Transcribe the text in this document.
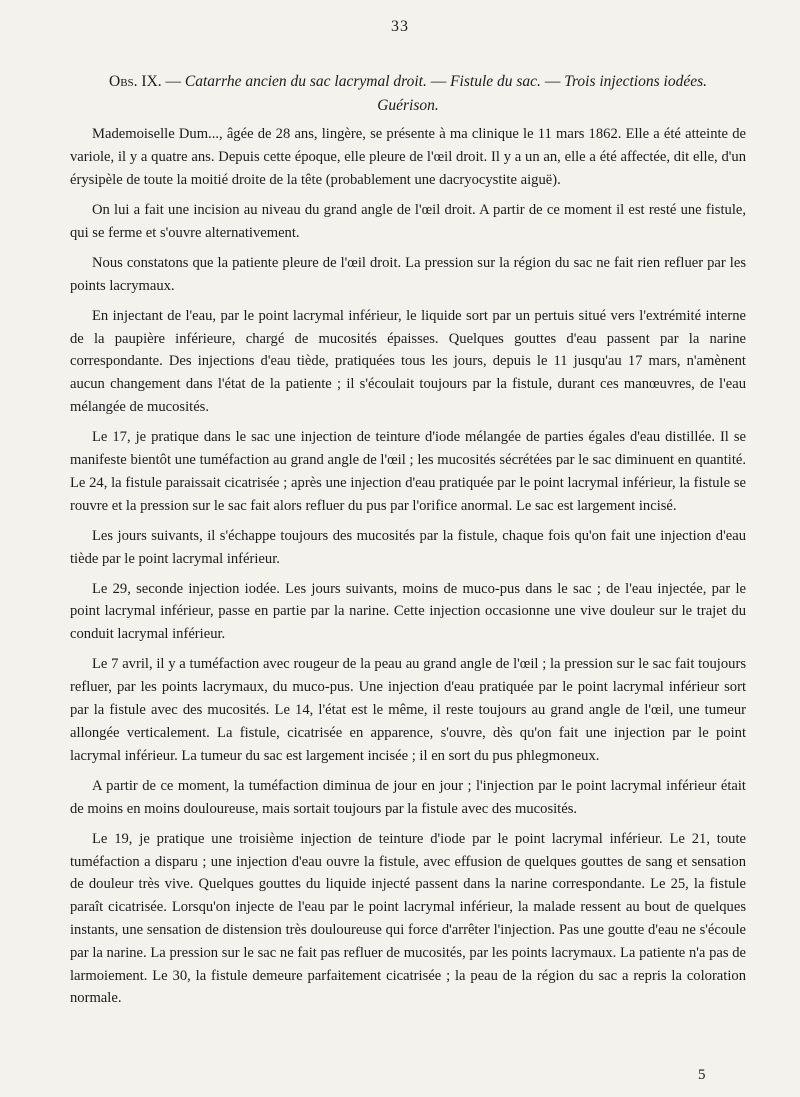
33
Obs. IX. — Catarrhe ancien du sac lacrymal droit. — Fistule du sac. — Trois injections iodées.
Guérison.

Mademoiselle Dum..., âgée de 28 ans, lingère, se présente à ma clinique le 11 mars 1862. Elle a été atteinte de variole, il y a quatre ans. Depuis cette époque, elle pleure de l'œil droit. Il y a un an, elle a été affectée, dit elle, d'un érysipèle de toute la moitié droite de la tête (probablement une dacryocystite aiguë).

On lui a fait une incision au niveau du grand angle de l'œil droit. A partir de ce moment il est resté une fistule, qui se ferme et s'ouvre alternativement.

Nous constatons que la patiente pleure de l'œil droit. La pression sur la région du sac ne fait rien refluer par les points lacrymaux.

En injectant de l'eau, par le point lacrymal inférieur, le liquide sort par un pertuis situé vers l'extrémité interne de la paupière inférieure, chargé de mucosités épaisses. Quelques gouttes d'eau passent par la narine correspondante. Des injections d'eau tiède, pratiquées tous les jours, depuis le 11 jusqu'au 17 mars, n'amènent aucun changement dans l'état de la patiente ; il s'écoulait toujours par la fistule, durant ces manœuvres, de l'eau mélangée de mucosités.

Le 17, je pratique dans le sac une injection de teinture d'iode mélangée de parties égales d'eau distillée. Il se manifeste bientôt une tuméfaction au grand angle de l'œil ; les mucosités sécrétées par le sac diminuent en quantité. Le 24, la fistule paraissait cicatrisée ; après une injection d'eau pratiquée par le point lacrymal inférieur, la fistule se rouvre et la pression sur le sac fait alors refluer du pus par l'orifice anormal. Le sac est largement incisé.

Les jours suivants, il s'échappe toujours des mucosités par la fistule, chaque fois qu'on fait une injection d'eau tiède par le point lacrymal inférieur.

Le 29, seconde injection iodée. Les jours suivants, moins de muco-pus dans le sac ; de l'eau injectée, par le point lacrymal inférieur, passe en partie par la narine. Cette injection occasionne une vive douleur sur le trajet du conduit lacrymal inférieur.

Le 7 avril, il y a tuméfaction avec rougeur de la peau au grand angle de l'œil ; la pression sur le sac fait toujours refluer, par les points lacrymaux, du muco-pus. Une injection d'eau pratiquée par le point lacrymal inférieur sort par la fistule avec des mucosités. Le 14, l'état est le même, il reste toujours au grand angle de l'œil, une tumeur allongée verticalement. La fistule, cicatrisée en apparence, s'ouvre, dès qu'on fait une injection par le point lacrymal inférieur. La tumeur du sac est largement incisée ; il en sort du pus phlegmoneux.

A partir de ce moment, la tuméfaction diminua de jour en jour ; l'injection par le point lacrymal inférieur était de moins en moins douloureuse, mais sortait toujours par la fistule avec des mucosités.

Le 19, je pratique une troisième injection de teinture d'iode par le point lacrymal inférieur. Le 21, toute tuméfaction a disparu ; une injection d'eau ouvre la fistule, avec effusion de quelques gouttes de sang et sensation de douleur très vive. Quelques gouttes du liquide injecté passent dans la narine correspondante. Le 25, la fistule paraît cicatrisée. Lorsqu'on injecte de l'eau par le point lacrymal inférieur, la malade ressent au bout de quelques instants, une sensation de distension très douloureuse qui force d'arrêter l'injection. Pas une goutte d'eau ne s'écoule par la narine. La pression sur le sac ne fait pas refluer de mucosités, par les points lacrymaux. La patiente n'a pas de larmoiement. Le 30, la fistule demeure parfaitement cicatrisée ; la peau de la région du sac a repris la coloration normale.

5
